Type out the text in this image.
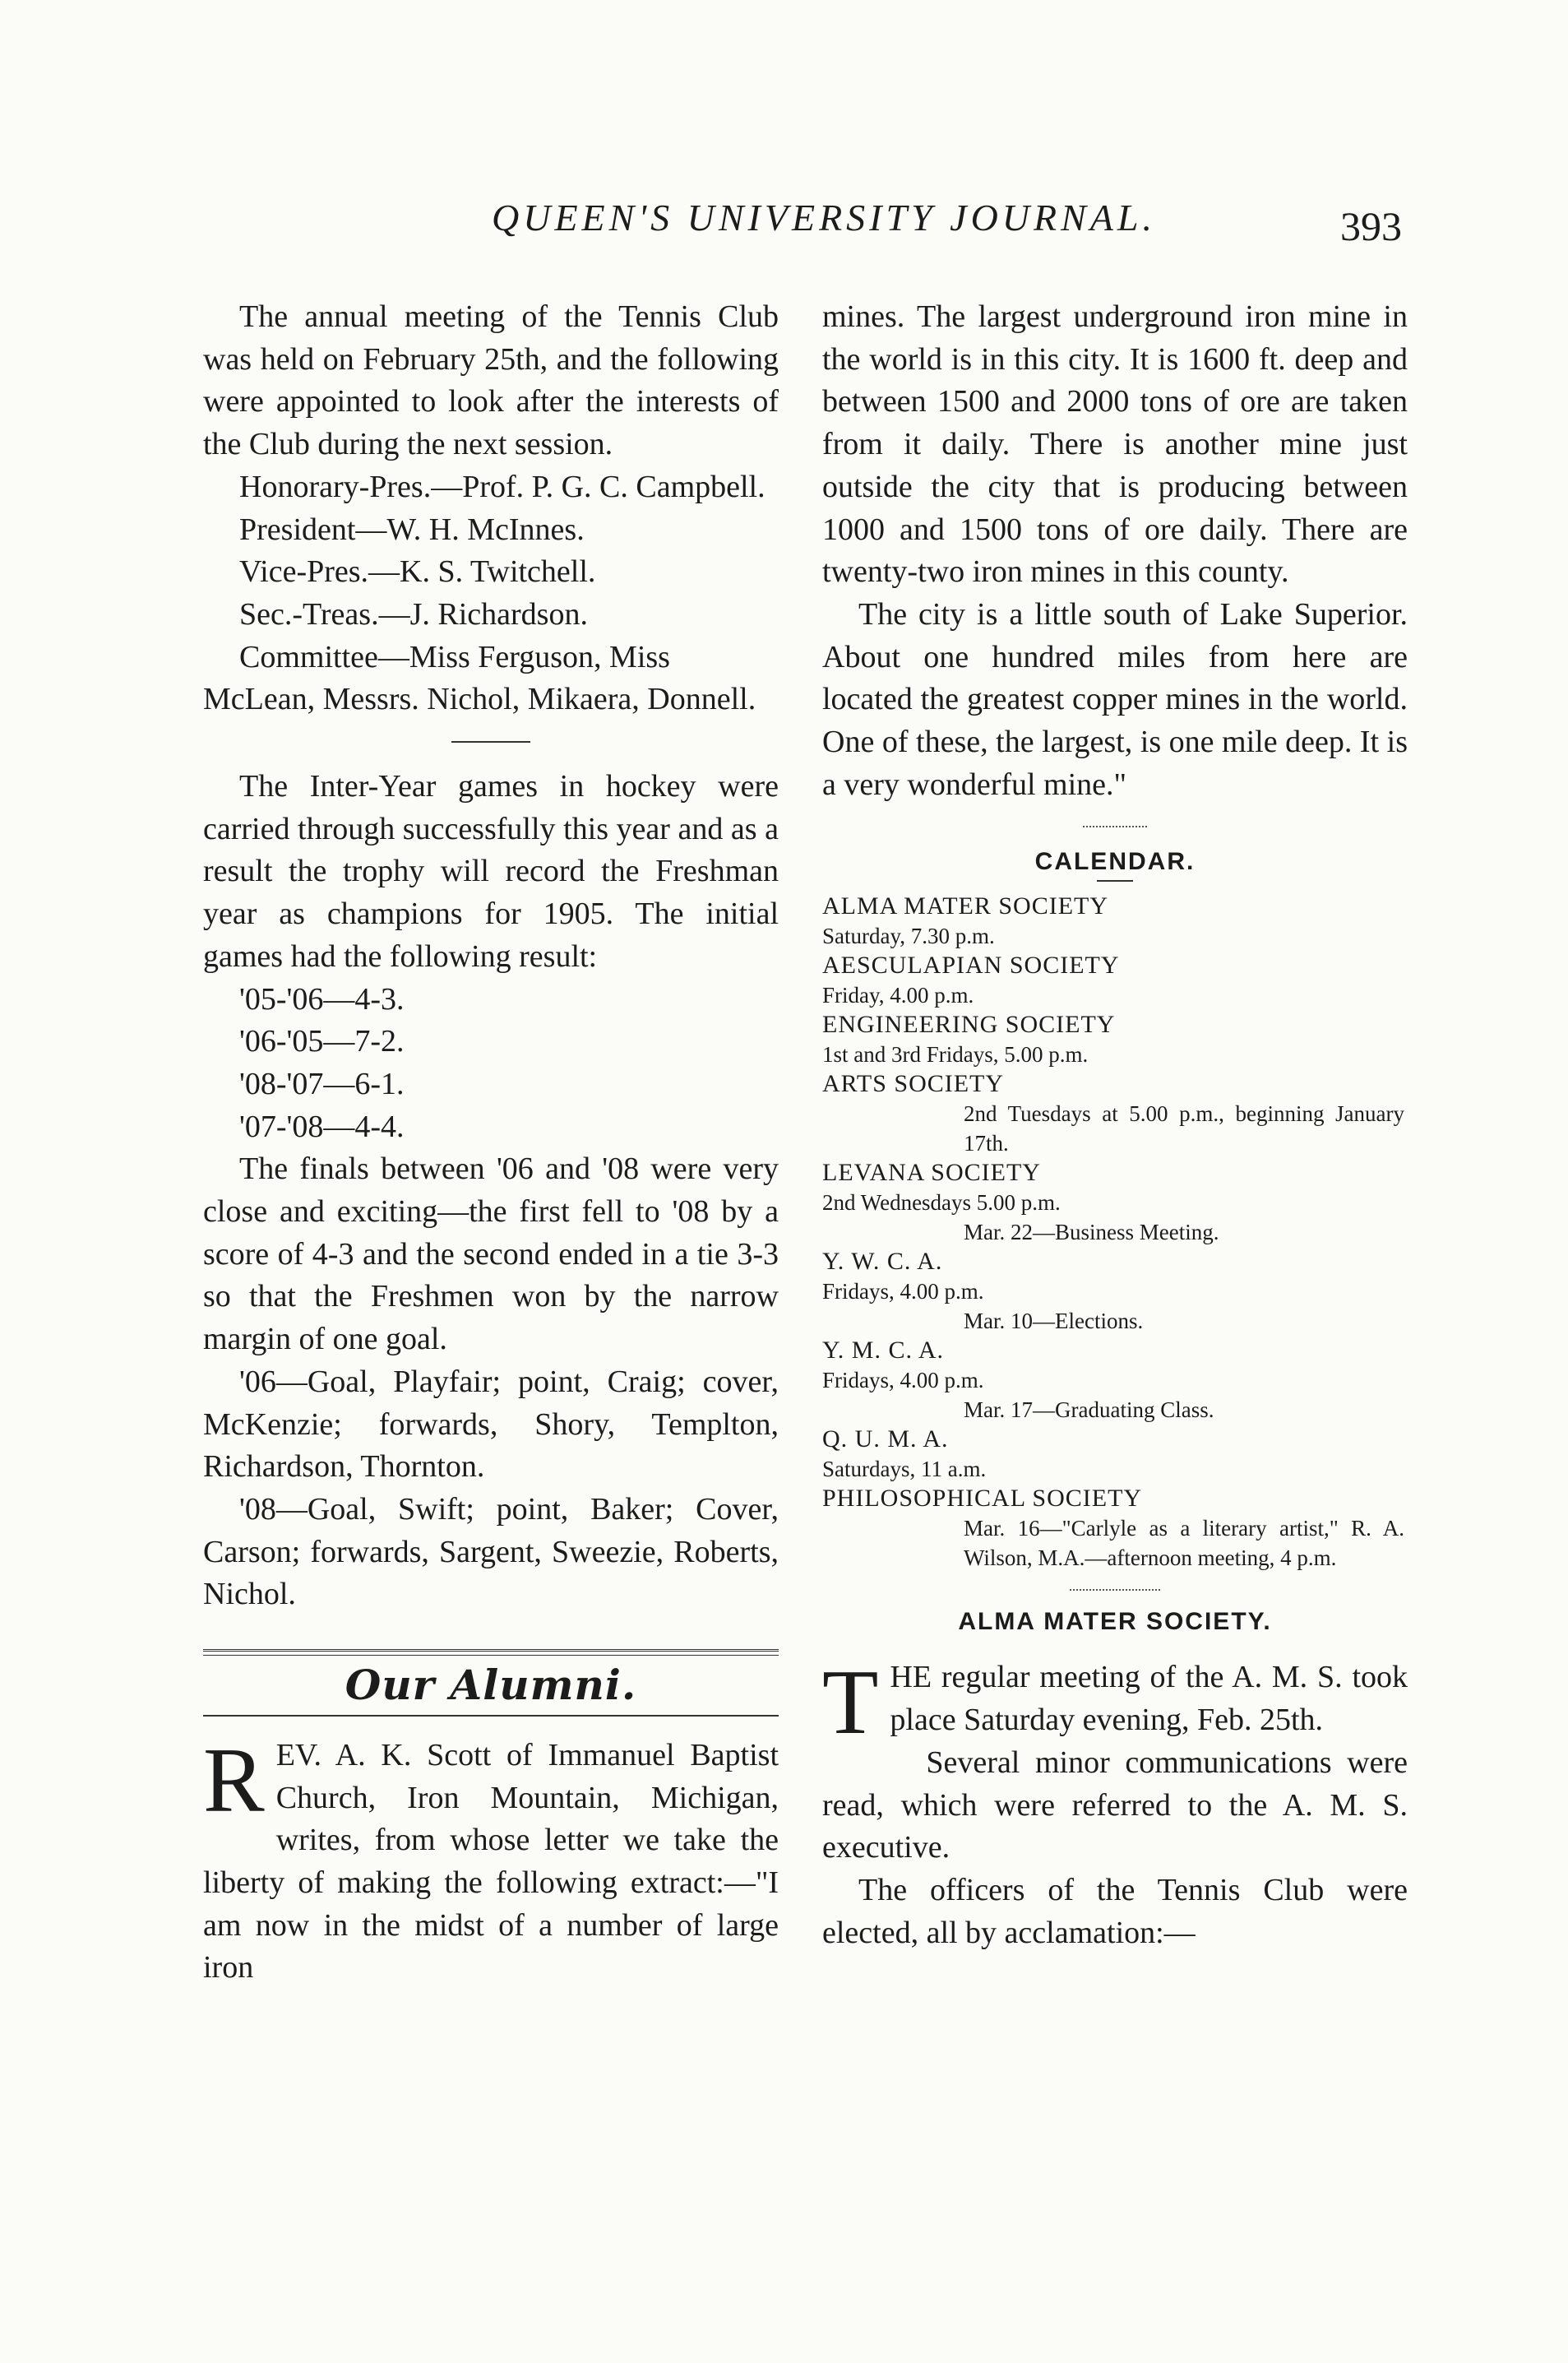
QUEEN'S UNIVERSITY JOURNAL.	393

The annual meeting of the Tennis Club was held on February 25th, and the following were appointed to look after the interests of the Club during the next session.

Honorary-Pres.—Prof. P. G. C. Campbell.
President—W. H. McInnes.
Vice-Pres.—K. S. Twitchell.
Sec.-Treas.—J. Richardson.
Committee—Miss Ferguson, Miss McLean, Messrs. Nichol, Mikaera, Donnell.

The Inter-Year games in hockey were carried through successfully this year and as a result the trophy will record the Freshman year as champions for 1905. The initial games had the following result:

'05-'06—4-3.
'06-'05—7-2.
'08-'07—6-1.
'07-'08—4-4.

The finals between '06 and '08 were very close and exciting—the first fell to '08 by a score of 4-3 and the second ended in a tie 3-3 so that the Freshmen won by the narrow margin of one goal.

'06—Goal, Playfair; point, Craig; cover, McKenzie; forwards, Shory, Templton, Richardson, Thornton.

'08—Goal, Swift; point, Baker; Cover, Carson; forwards, Sargent, Sweezie, Roberts, Nichol.

Our Alumni.

REV. A. K. Scott of Immanuel Baptist Church, Iron Mountain, Michigan, writes, from whose letter we take the liberty of making the following extract:—"I am now in the midst of a number of large iron

mines. The largest underground iron mine in the world is in this city. It is 1600 ft. deep and between 1500 and 2000 tons of ore are taken from it daily. There is another mine just outside the city that is producing between 1000 and 1500 tons of ore daily. There are twenty-two iron mines in this county.

The city is a little south of Lake Superior. About one hundred miles from here are located the greatest copper mines in the world. One of these, the largest, is one mile deep. It is a very wonderful mine."

CALENDAR.

ALMA MATER SOCIETY

Saturday, 7.30 p.m.

AESCULAPIAN SOCIETY

Friday, 4.00 p.m.

ENGINEERING SOCIETY

1st and 3rd Fridays, 5.00 p.m.

ARTS SOCIETY

2nd Tuesdays at 5.00 p.m., beginning January 17th.

LEVANA SOCIETY

2nd Wednesdays 5.00 p.m.

Mar. 22—Business Meeting.

Y. W. C. A.

Fridays, 4.00 p.m.

Mar. 10—Elections.

Y. M. C. A.

Fridays, 4.00 p.m.

Mar. 17—Graduating Class.

Q. U. M. A.

Saturdays, 11 a.m.

PHILOSOPHICAL SOCIETY

Mar. 16—"Carlyle as a literary artist," R. A. Wilson, M.A.—afternoon meeting, 4 p.m.

ALMA MATER SOCIETY.

THE regular meeting of the A. M. S. took place Saturday evening, Feb. 25th.

Several minor communications were read, which were referred to the A. M. S. executive.

The officers of the Tennis Club were elected, all by acclamation:—
